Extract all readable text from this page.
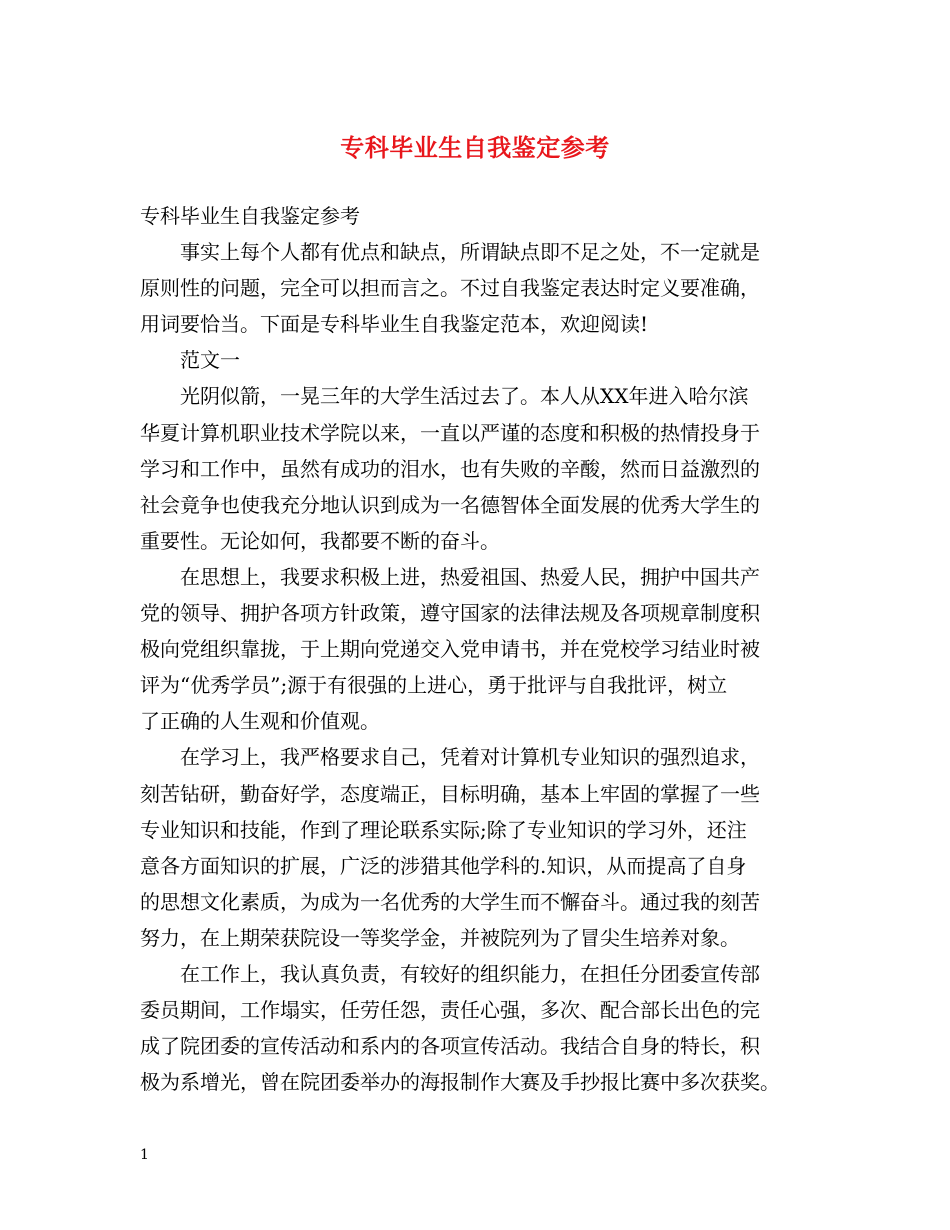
专科毕业生自我鉴定参考

专科毕业生自我鉴定参考

　　事实上每个人都有优点和缺点，所谓缺点即不足之处，不一定就是

原则性的问题，完全可以担而言之。不过自我鉴定表达时定义要准确，

用词要恰当。下面是专科毕业生自我鉴定范本，欢迎阅读!

　　范文一

　　光阴似箭，一晃三年的大学生活过去了。本人从XX年进入哈尔滨

华夏计算机职业技术学院以来，一直以严谨的态度和积极的热情投身于

学习和工作中，虽然有成功的泪水，也有失败的辛酸，然而日益激烈的

社会竟争也使我充分地认识到成为一名德智体全面发展的优秀大学生的

重要性。无论如何，我都要不断的奋斗。

　　在思想上，我要求积极上进，热爱祖国、热爱人民，拥护中国共产

党的领导、拥护各项方针政策，遵守国家的法律法规及各项规章制度积

极向党组织靠拢，于上期向党递交入党申请书，并在党校学习结业时被

评为“优秀学员”;源于有很强的上进心，勇于批评与自我批评，树立

了正确的人生观和价值观。

　　在学习上，我严格要求自己，凭着对计算机专业知识的强烈追求，

刻苦钻研，勤奋好学，态度端正，目标明确，基本上牢固的掌握了一些

专业知识和技能，作到了理论联系实际;除了专业知识的学习外，还注

意各方面知识的扩展，广泛的涉猎其他学科的.知识，从而提高了自身

的思想文化素质，为成为一名优秀的大学生而不懈奋斗。通过我的刻苦

努力，在上期荣获院设一等奖学金，并被院列为了冒尖生培养对象。

　　在工作上，我认真负责，有较好的组织能力，在担任分团委宣传部

委员期间，工作塌实，任劳任怨，责任心强，多次、配合部长出色的完

成了院团委的宣传活动和系内的各项宣传活动。我结合自身的特长，积

极为系增光，曾在院团委举办的海报制作大赛及手抄报比赛中多次获奖。

1
